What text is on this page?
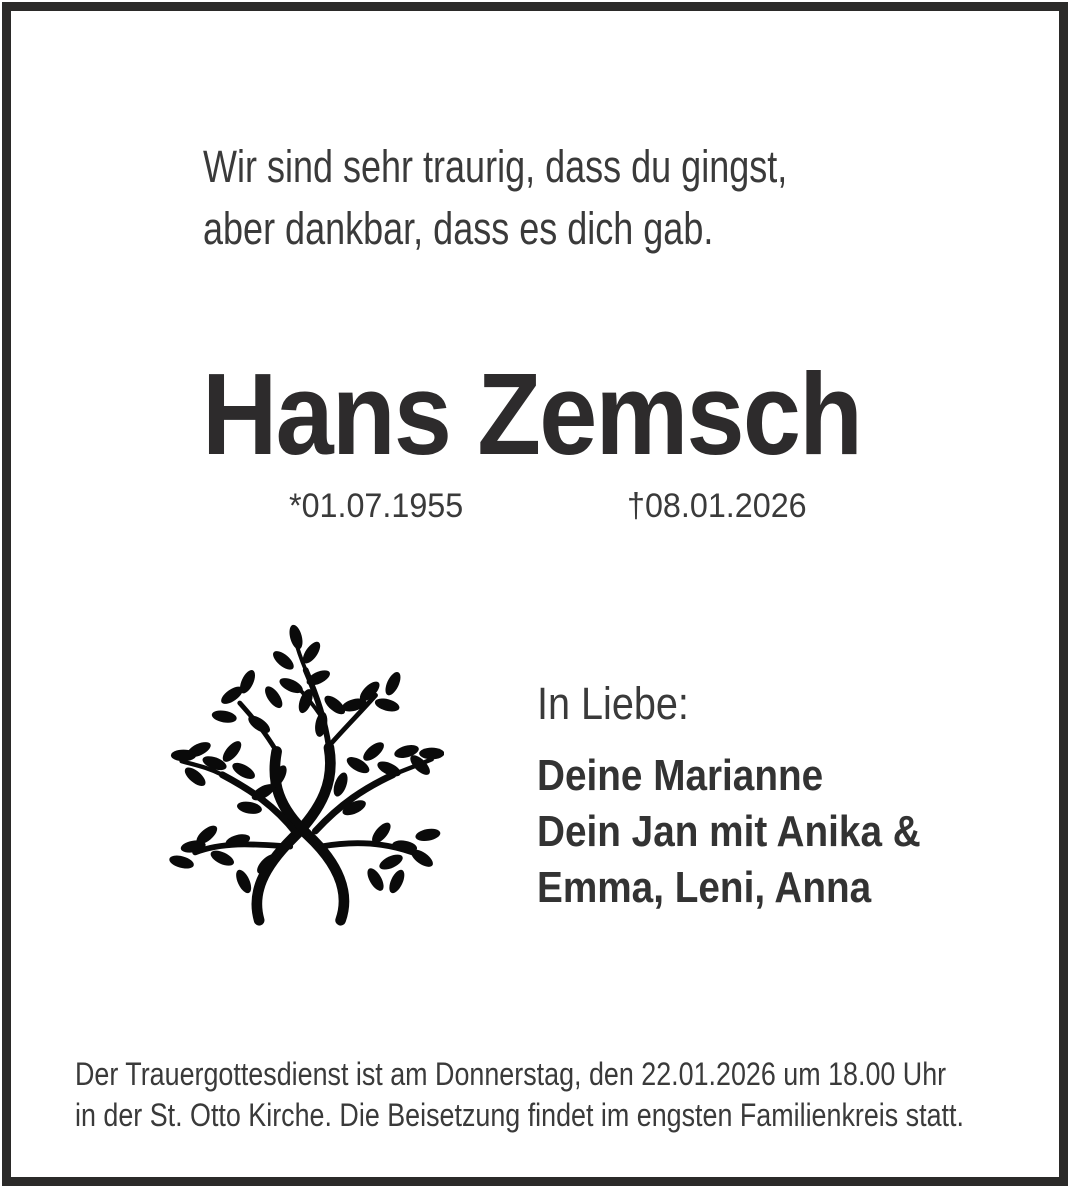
Wir sind sehr traurig, dass du gingst,
aber dankbar, dass es dich gab.
Hans Zemsch
*01.07.1955	†08.01.2026
In Liebe:
Deine Marianne
Dein Jan mit Anika &
Emma, Leni, Anna
Der Trauergottesdienst ist am Donnerstag, den 22.01.2026 um 18.00 Uhr
in der St. Otto Kirche. Die Beisetzung findet im engsten Familienkreis statt.
